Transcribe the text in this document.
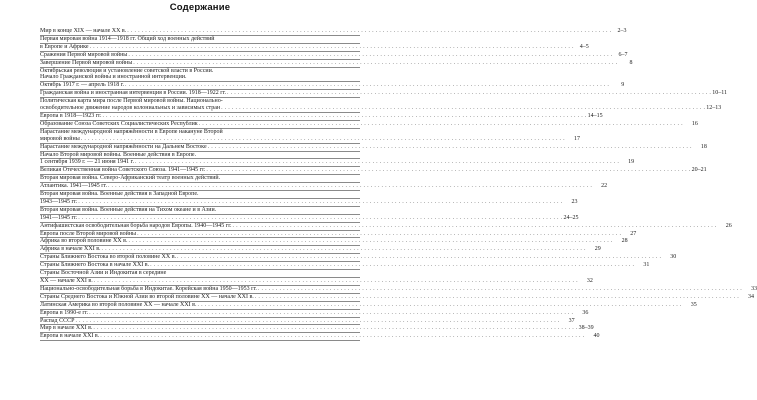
Содержание
Мир в конце XIX — начале XX в. . . .	2–3
Первая мировая война 1914—1918 гг. Общий ход военных действий
в Европе и Африке . . .	4–5
Сражения Первой мировой войны . . .	6–7
Завершение Первой мировой войны . . .	8
Октябрьская революция и установление советской власти в России.
Начало Гражданской войны и иностранной интервенции.
Октябрь 1917 г. — апрель 1918 г. . . .	9
Гражданская война и иностранная интервенция в России. 1918—1922 гг. . . .	10–11
Политическая карта мира после Первой мировой войны. Национально-
освободительное движение народов колониальных и зависимых стран . . .	12–13
Европа в 1918—1923 гг. . . .	14–15
Образование Союза Советских Социалистических Республик . . .	16
Нарастание международной напряжённости в Европе накануне Второй
мировой войны . . .	17
Нарастание международной напряжённости на Дальнем Востоке . . .	18
Начало Второй мировой войны. Военные действия в Европе.
1 сентября 1939 г. — 21 июня 1941 г. . . .	19
Великая Отечественная война Советского Союза. 1941—1945 гг. . . .	20–21
Вторая мировая война. Северо-Африканский театр военных действий.
Атлантика. 1941—1945 гг. . . .	22
Вторая мировая война. Военные действия в Западной Европе.
1943—1945 гг. . . .	23
Вторая мировая война. Военные действия на Тихом океане и в Азии.
1941—1945 гг. . . .	24–25
Антифашистская освободительная борьба народов Европы. 1940—1945 гг. . . .	26
Европа после Второй мировой войны . . .	27
Африка во второй половине XX в. . . .	28
Африка в начале XXI в. . . .	29
Страны Ближнего Востока во второй половине XX в. . . .	30
Страны Ближнего Востока в начале XXI в. . . .	31
Страны Восточной Азии и Индокитая в середине
XX — начале XXI в. . . .	32
Национально-освободительная борьба в Индокитае. Корейская война 1950—1953 гг. . . .	33
Страны Среднего Востока и Южной Азии во второй половине XX — начале XXI в. . . .	34
Латинская Америка во второй половине XX — начале XXI в. . . .	35
Европа в 1990-е гг. . . .	36
Распад СССР . . .	37
Мир в начале XXI в. . . .	38–39
Европа в начале XXI в. . . .	40
